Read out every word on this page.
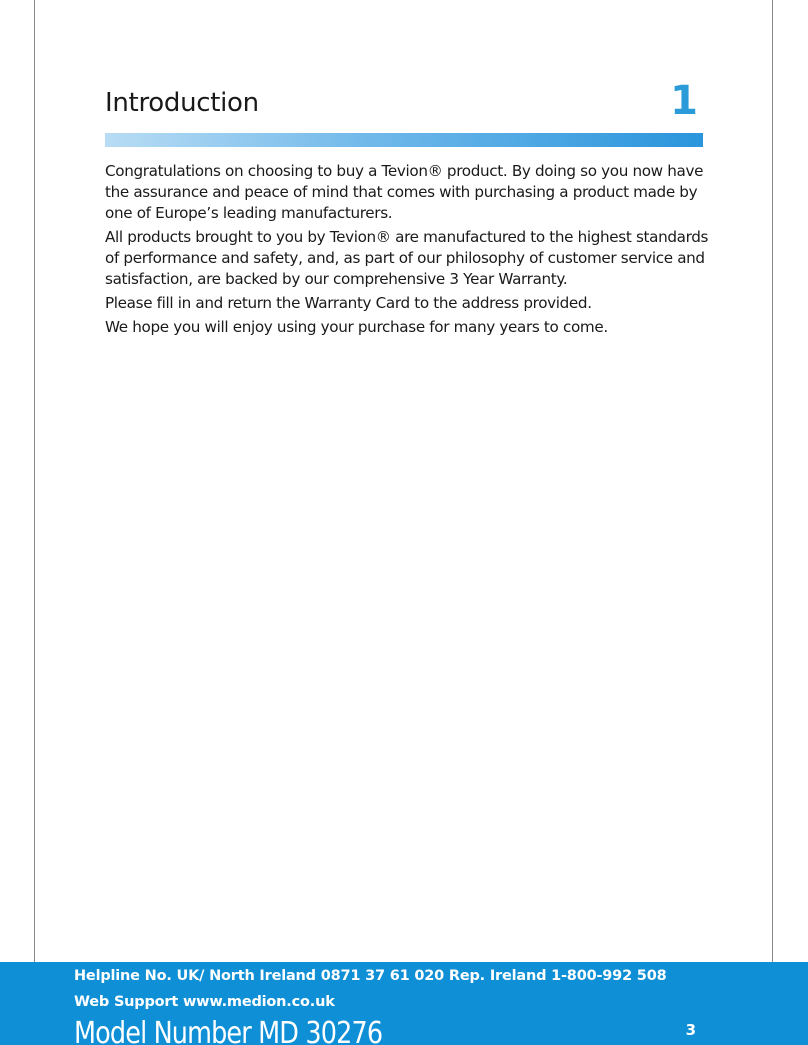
Introduction	1

Congratulations on choosing to buy a Tevion® product. By doing so you now have the assurance and peace of mind that comes with purchasing a product made by one of Europe’s leading manufacturers.

All products brought to you by Tevion® are manufactured to the highest standards of performance and safety, and, as part of our philosophy of customer service and satisfaction, are backed by our comprehensive 3 Year Warranty.

Please fill in and return the Warranty Card to the address provided.

We hope you will enjoy using your purchase for many years to come.

Helpline No. UK/ North Ireland 0871 37 61 020 Rep. Ireland 1-800-992 508
Web Support www.medion.co.uk
Model Number MD 30276	3
